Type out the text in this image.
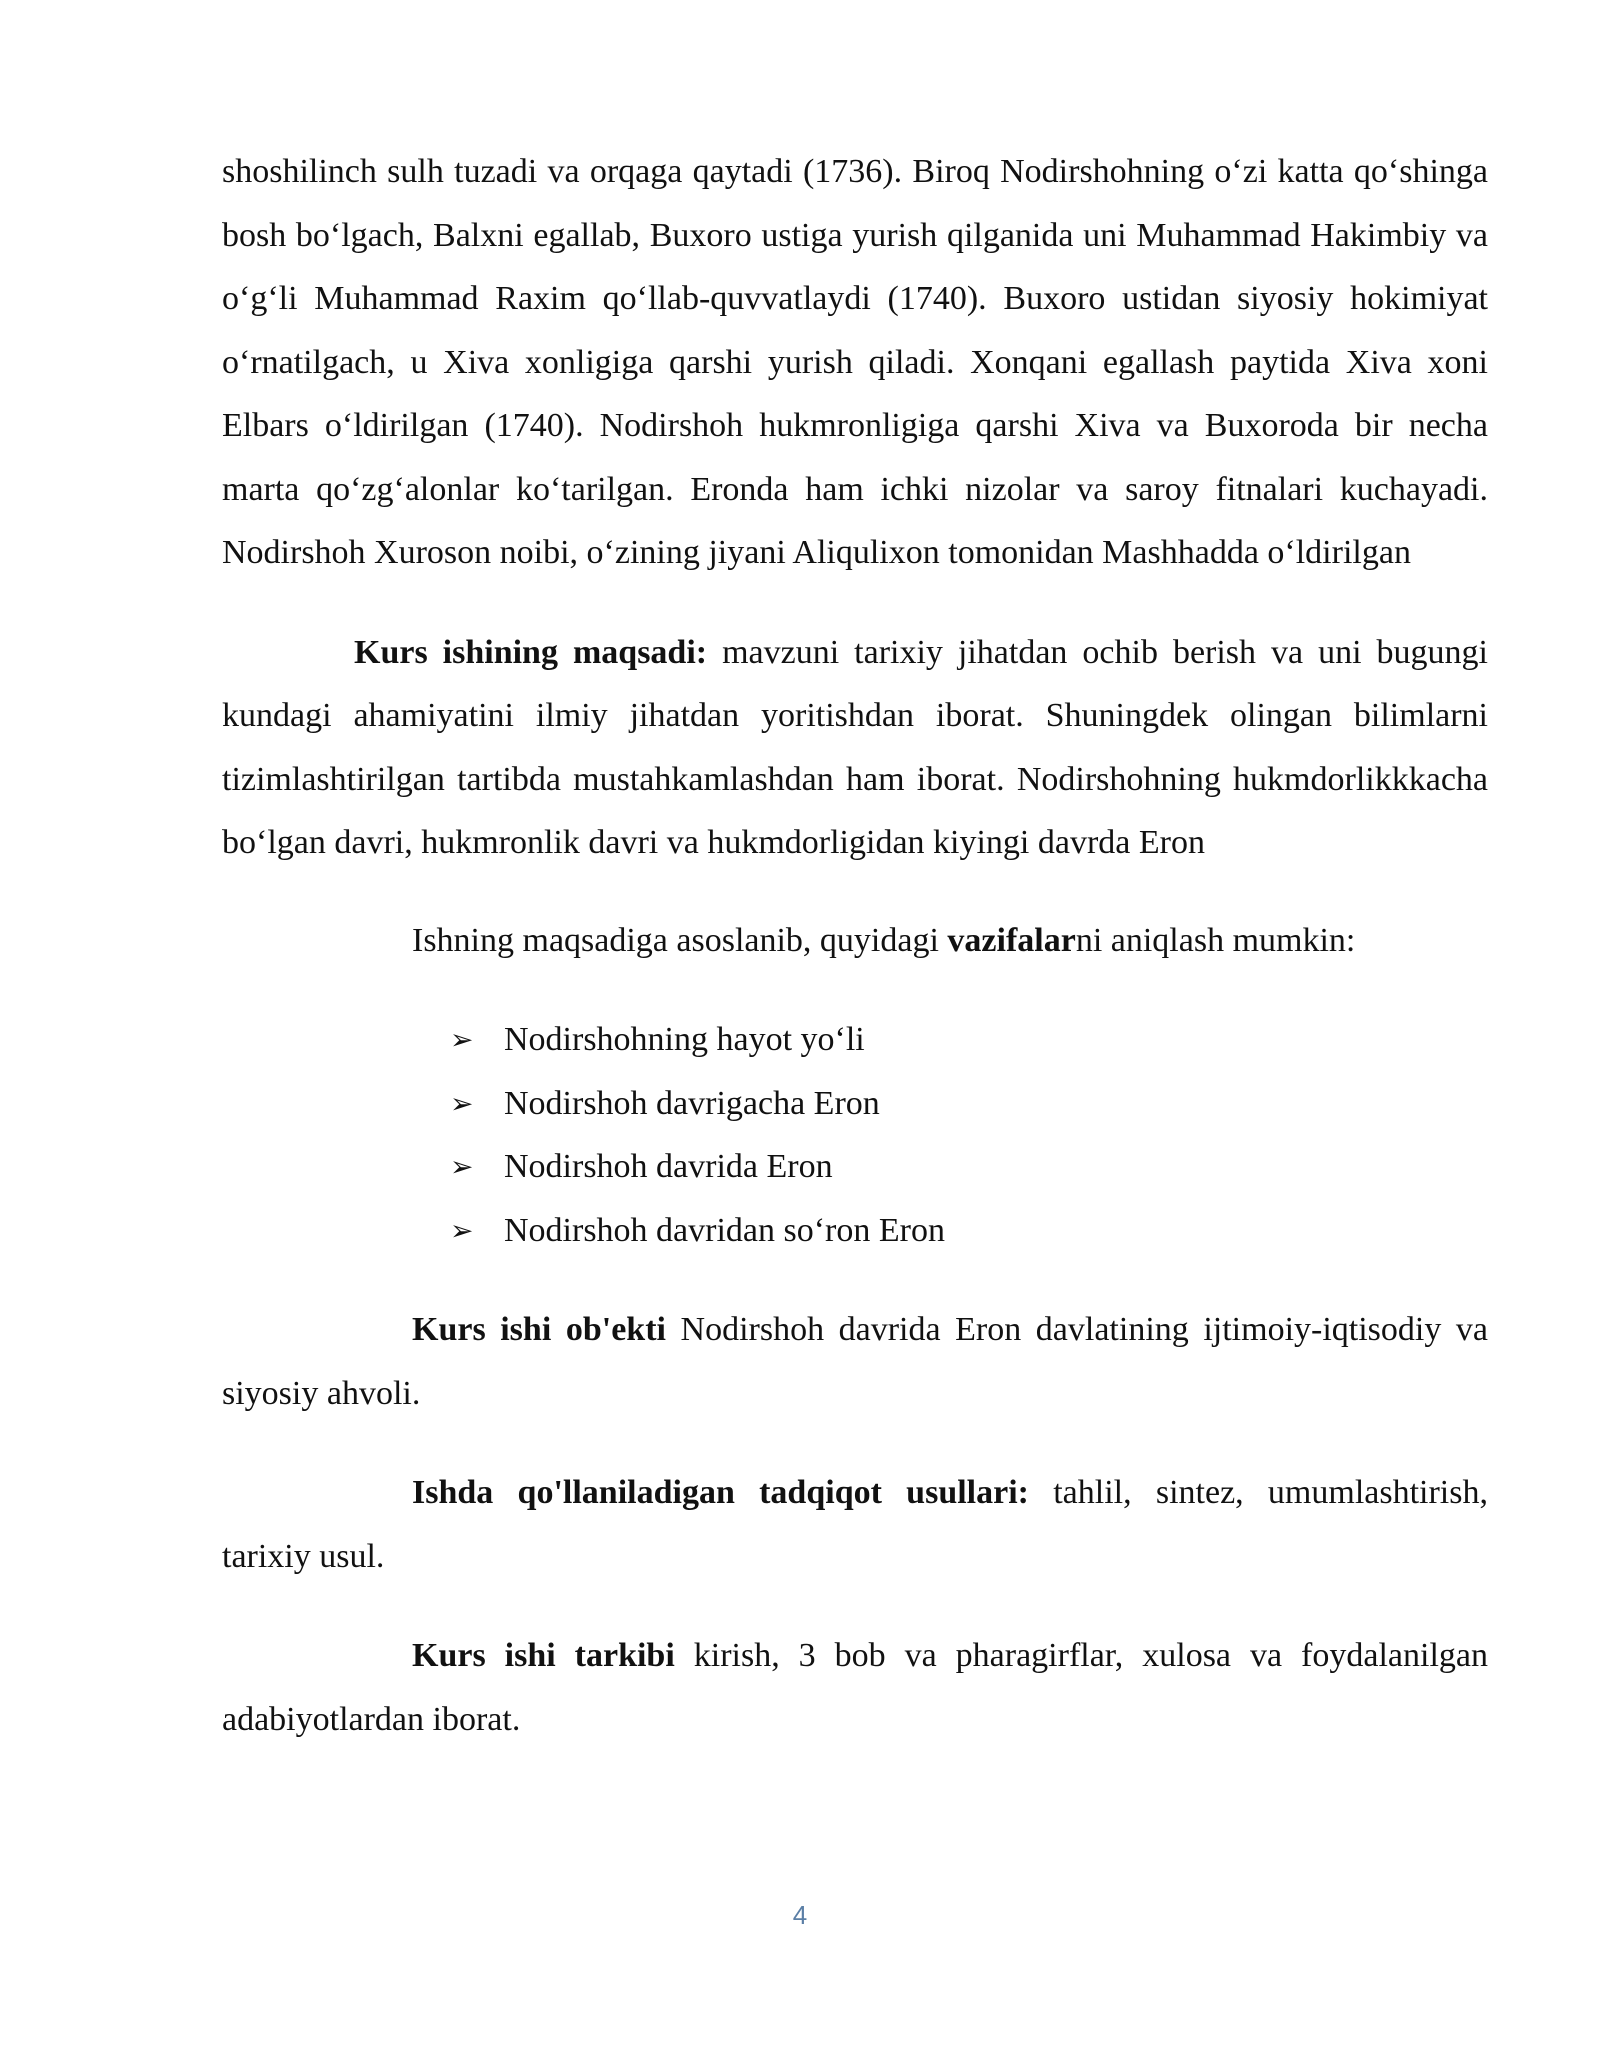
shoshilinch sulh tuzadi va orqaga qaytadi (1736). Biroq Nodirshohning o‘zi katta qo‘shinga bosh bo‘lgach, Balxni egallab, Buxoro ustiga yurish qilganida uni Muhammad Hakimbiy va o‘g‘li Muhammad Raxim qo‘llab-quvvatlaydi (1740). Buxoro ustidan siyosiy hokimiyat o‘rnatilgach, u Xiva xonligiga qarshi yurish qiladi. Xonqani egallash paytida Xiva xoni Elbars o‘ldirilgan (1740). Nodirshoh hukmronligiga qarshi Xiva va Buxoroda bir necha marta qo‘zg‘alonlar ko‘tarilgan. Eronda ham ichki nizolar va saroy fitnalari kuchayadi. Nodirshoh Xuroson noibi, o‘zining jiyani Aliqulixon tomonidan Mashhadda o‘ldirilgan

Kurs ishining maqsadi: mavzuni tarixiy jihatdan ochib berish va uni bugungi kundagi ahamiyatini ilmiy jihatdan yoritishdan iborat. Shuningdek olingan bilimlarni tizimlashtirilgan tartibda mustahkamlashdan ham iborat. Nodirshohning hukmdorlikkkacha bo‘lgan davri, hukmronlik davri va hukmdorligidan kiyingi davrda Eron

Ishning maqsadiga asoslanib, quyidagi vazifalarni aniqlash mumkin:

➢ Nodirshohning hayot yo‘li
➢ Nodirshoh davrigacha Eron
➢ Nodirshoh davrida Eron
➢ Nodirshoh davridan so‘ron Eron

Kurs ishi ob'ekti Nodirshoh davrida Eron davlatining ijtimoiy-iqtisodiy va siyosiy ahvoli.

Ishda qo'llaniladigan tadqiqot usullari: tahlil, sintez, umumlashtirish, tarixiy usul.

Kurs ishi tarkibi kirish, 3 bob va pharagirflar, xulosa va foydalanilgan adabiyotlardan iborat.

4
